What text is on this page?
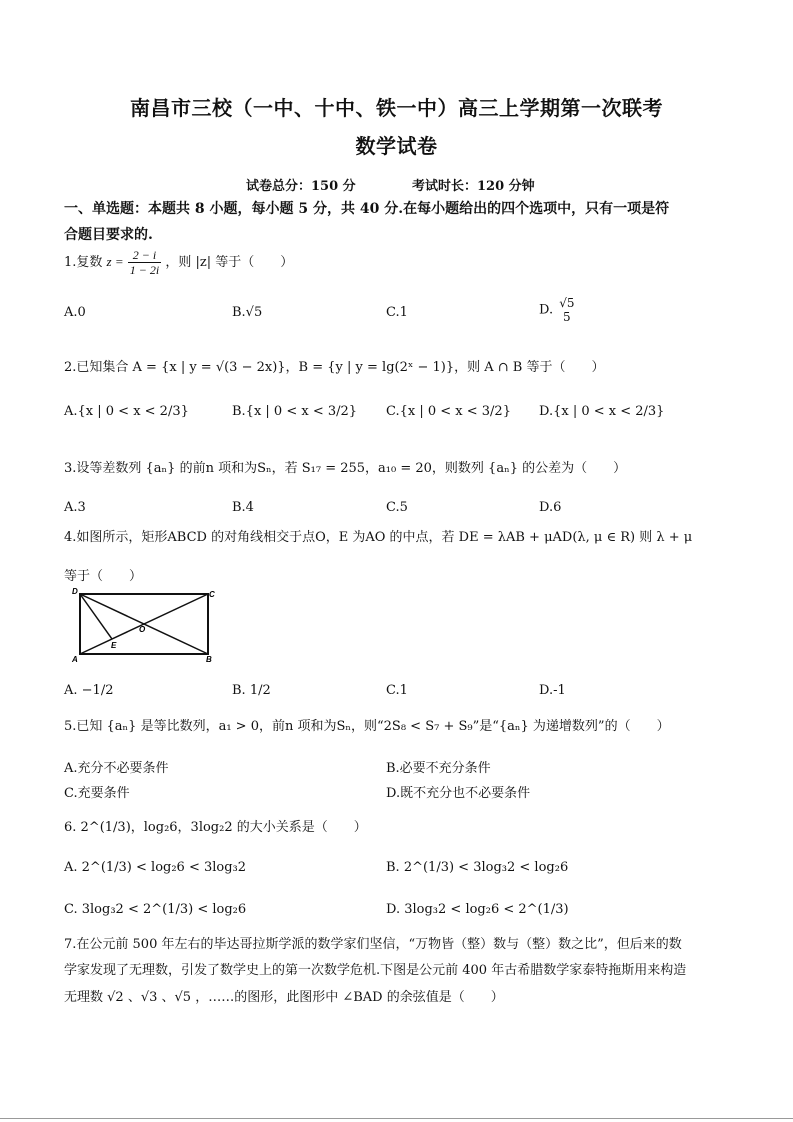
南昌市三校（一中、十中、铁一中）高三上学期第一次联考
数学试卷
试卷总分：150 分	考试时长：120 分钟
一、单选题：本题共 8 小题，每小题 5 分，共 40 分.在每小题给出的四个选项中，只有一项是符
合题目要求的.
1.复数 $z = \frac{2 - i}{1 - 2i}$ ，则 |z| 等于（　　）
A.0	B.√5	C.1	D. √5
5
2.已知集合 A = {x | y = √(3 − 2x)}，B = {y | y = lg(2ˣ − 1)}，则 A ∩ B 等于（　　）
A.{x | 0 < x < 2/3}	B.{x | 0 < x < 3/2} C.{x | 0 < x < 3/2} D.{x | 0 < x < 2/3}
3.设等差数列 {aₙ} 的前n 项和为Sₙ，若 S₁₇ = 255，a₁₀ = 20，则数列 {aₙ} 的公差为（　　）
A.3	B.4	C.5	D.6
4.如图所示，矩形ABCD 的对角线相交于点O，E 为AO 的中点，若 DE = λAB + μAD(λ, μ ∈ R) 则 λ + μ
等于（　　）
D	C
O
E
A	B
A. −1/2	B. 1/2	C.1	D.-1
5.已知 {aₙ} 是等比数列，a₁ > 0，前n 项和为Sₙ，则“2S₈ < S₇ + S₉”是“{aₙ} 为递增数列”的（　　）
A.充分不必要条件	B.必要不充分条件
C.充要条件	D.既不充分也不必要条件
6. 2^(1/3)，log₂6，3log₂2 的大小关系是（　　）
A. 2^(1/3) < log₂6 < 3log₃2	B. 2^(1/3) < 3log₃2 < log₂6
C. 3log₃2 < 2^(1/3) < log₂6	D. 3log₃2 < log₂6 < 2^(1/3)
7.在公元前 500 年左右的毕达哥拉斯学派的数学家们坚信，“万物皆（整）数与（整）数之比”，但后来的数
学家发现了无理数，引发了数学史上的第一次数学危机.下图是公元前 400 年古希腊数学家泰特拖斯用来构造
无理数 √2 、√3 、√5 ，……的图形，此图形中 ∠BAD 的余弦值是（　　）
